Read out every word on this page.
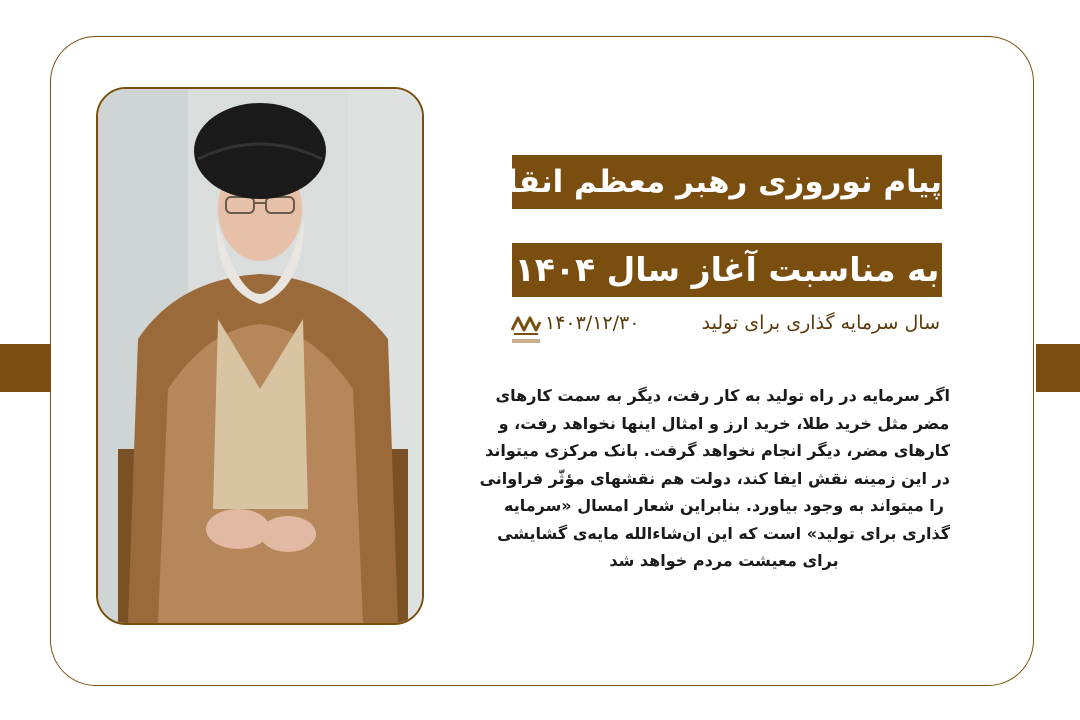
پیام نوروزی رهبر معظم انقلاب
به مناسبت آغاز سال ۱۴۰۴
سال سرمایه گذاری برای تولید
۱۴۰۳/۱۲/۳۰
اگر سرمایه در راه تولید به کار رفت، دیگر به سمت کارهای
مضر مثل خرید طلا، خرید ارز و امثال اینها نخواهد رفت، و
کارهای مضر، دیگر انجام نخواهد گرفت. بانک مرکزی میتواند
در این زمینه نقش ایفا کند، دولت هم نقشهای مؤثّر فراوانی
را میتواند به وجود بیاورد. بنابراین شعار امسال «سرمایه
گذاری برای تولید» است که این ان‌شاءالله مایه‌ی گشایشی
برای معیشت مردم خواهد شد
